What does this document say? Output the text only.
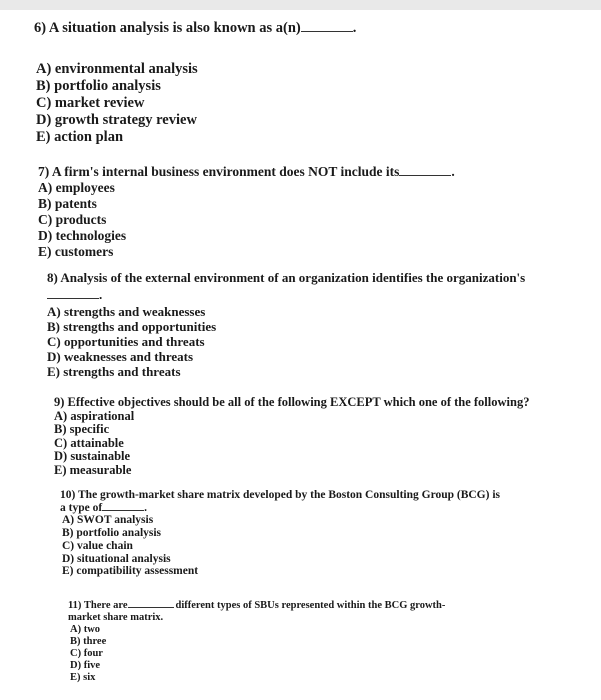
6) A situation analysis is also known as a(n)	.
A) environmental analysis
B) portfolio analysis
C) market review
D) growth strategy review
E) action plan
7) A firm's internal business environment does NOT include its	.
A) employees
B) patents
C) products
D) technologies
E) customers
8) Analysis of the external environment of an organization identifies the organization's
.
A) strengths and weaknesses
B) strengths and opportunities
C) opportunities and threats
D) weaknesses and threats
E) strengths and threats
9) Effective objectives should be all of the following EXCEPT which one of the following?
A) aspirational
B) specific
C) attainable
D) sustainable
E) measurable
10) The growth-market share matrix developed by the Boston Consulting Group (BCG) is
a type of	.
A) SWOT analysis
B) portfolio analysis
C) value chain
D) situational analysis
E) compatibility assessment
11) There are	different types of SBUs represented within the BCG growth-
market share matrix.
A) two
B) three
C) four
D) five
E) six
